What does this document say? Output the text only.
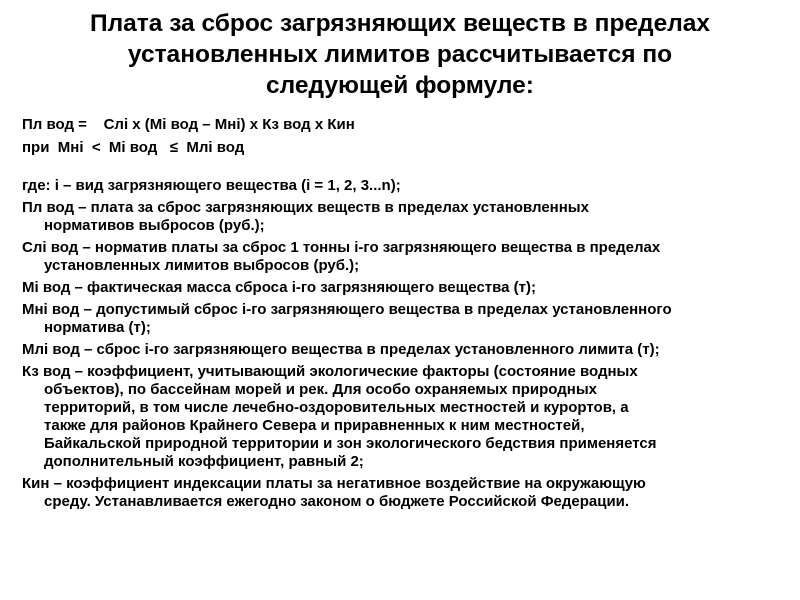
Плата за сброс загрязняющих веществ в пределах
установленных лимитов рассчитывается по
следующей формуле:
Пл вод =    Слi х (Мi вод – Мнi) х Кз вод х Кин
при  Мнi  <  Мi вод   ≤  Млi вод
где: i – вид загрязняющего вещества (i = 1, 2, 3...n);
Пл вод – плата за сброс загрязняющих веществ в пределах установленных
нормативов выбросов (руб.);
Слi вод – норматив платы за сброс 1 тонны i-го загрязняющего вещества в пределах
установленных лимитов выбросов (руб.);
Мi вод – фактическая масса сброса i-го загрязняющего вещества (т);
Мнi вод – допустимый сброс i-го загрязняющего вещества в пределах установленного
норматива (т);
Млi вод – сброс i-го загрязняющего вещества в пределах установленного лимита (т);
Кз вод – коэффициент, учитывающий экологические факторы (состояние водных
объектов), по бассейнам морей и рек. Для особо охраняемых природных
территорий, в том числе лечебно-оздоровительных местностей и курортов, а
также для районов Крайнего Севера и приравненных к ним местностей,
Байкальской природной территории и зон экологического бедствия применяется
дополнительный коэффициент, равный 2;
Кин – коэффициент индексации платы за негативное воздействие на окружающую
среду. Устанавливается ежегодно законом о бюджете Российской Федерации.
